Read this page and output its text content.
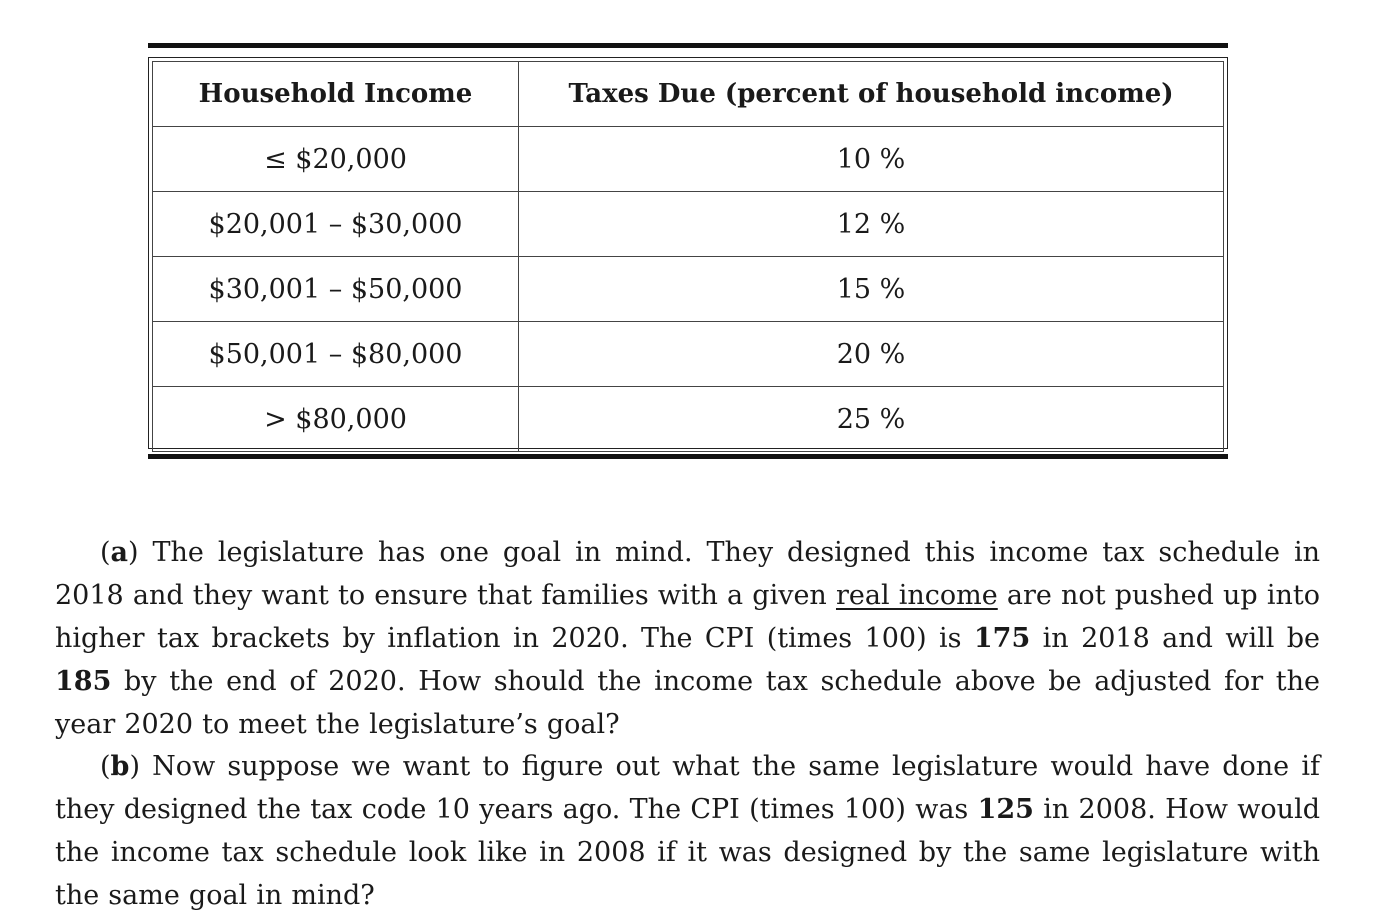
Household Income	Taxes Due (percent of household income)
≤ $20,000	10 %
$20,001 – $30,000	12 %
$30,001 – $50,000	15 %
$50,001 – $80,000	20 %
> $80,000	25 %

(a) The legislature has one goal in mind. They designed this income tax schedule in 2018 and they want to ensure that families with a given real income are not pushed up into higher tax brackets by inflation in 2020. The CPI (times 100) is 175 in 2018 and will be 185 by the end of 2020. How should the income tax schedule above be adjusted for the year 2020 to meet the legislature’s goal?

(b) Now suppose we want to figure out what the same legislature would have done if they designed the tax code 10 years ago. The CPI (times 100) was 125 in 2008. How would the income tax schedule look like in 2008 if it was designed by the same legislature with the same goal in mind?
